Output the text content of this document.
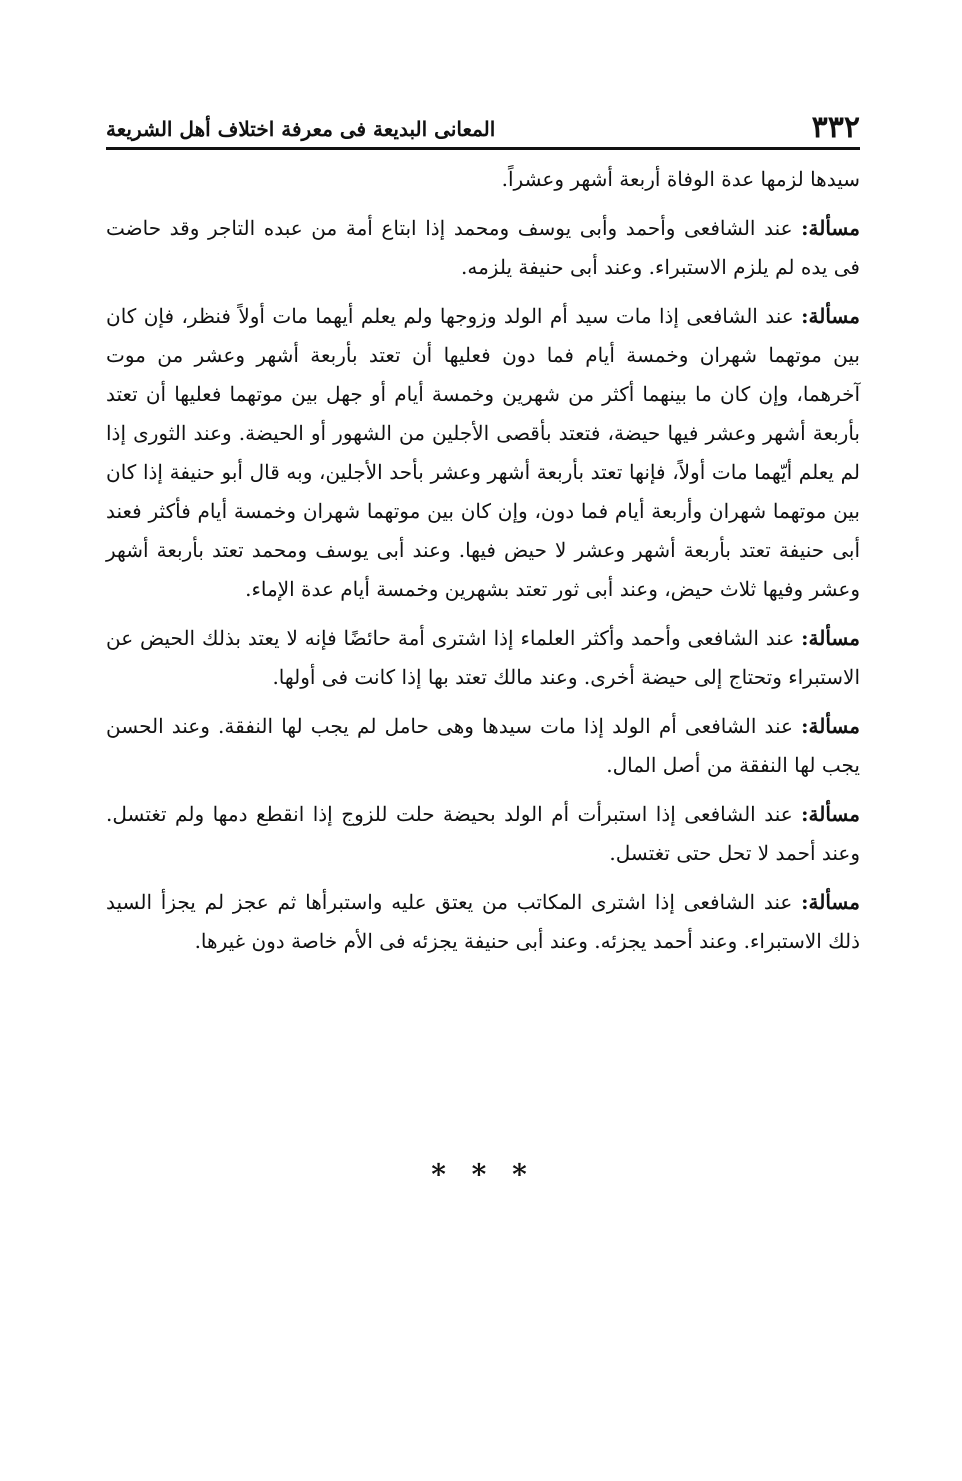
٣٣٢
المعانى البديعة فى معرفة اختلاف أهل الشريعة

سيدها لزمها عدة الوفاة أربعة أشهر وعشراً.

مسألة: عند الشافعى وأحمد وأبى يوسف ومحمد إذا ابتاع أمة من عبده التاجر وقد حاضت فى يده لم يلزم الاستبراء. وعند أبى حنيفة يلزمه.

مسألة: عند الشافعى إذا مات سيد أم الولد وزوجها ولم يعلم أيهما مات أولاً فنظر، فإن كان بين موتهما شهران وخمسة أيام فما دون فعليها أن تعتد بأربعة أشهر وعشر من موت آخرهما، وإن كان ما بينهما أكثر من شهرين وخمسة أيام أو جهل بين موتهما فعليها أن تعتد بأربعة أشهر وعشر فيها حيضة، فتعتد بأقصى الأجلين من الشهور أو الحيضة. وعند الثورى إذا لم يعلم أيّهما مات أولاً، فإنها تعتد بأربعة أشهر وعشر بأحد الأجلين، وبه قال أبو حنيفة إذا كان بين موتهما شهران وأربعة أيام فما دون، وإن كان بين موتهما شهران وخمسة أيام فأكثر فعند أبى حنيفة تعتد بأربعة أشهر وعشر لا حيض فيها. وعند أبى يوسف ومحمد تعتد بأربعة أشهر وعشر وفيها ثلاث حيض، وعند أبى ثور تعتد بشهرين وخمسة أيام عدة الإماء.

مسألة: عند الشافعى وأحمد وأكثر العلماء إذا اشترى أمة حائضًا فإنه لا يعتد بذلك الحيض عن الاستبراء وتحتاج إلى حيضة أخرى. وعند مالك تعتد بها إذا كانت فى أولها.

مسألة: عند الشافعى أم الولد إذا مات سيدها وهى حامل لم يجب لها النفقة. وعند الحسن يجب لها النفقة من أصل المال.

مسألة: عند الشافعى إذا استبرأت أم الولد بحيضة حلت للزوج إذا انقطع دمها ولم تغتسل. وعند أحمد لا تحل حتى تغتسل.

مسألة: عند الشافعى إذا اشترى المكاتب من يعتق عليه واستبرأها ثم عجز لم يجزأ السيد ذلك الاستبراء. وعند أحمد يجزئه. وعند أبى حنيفة يجزئه فى الأم خاصة دون غيرها.

* * *
